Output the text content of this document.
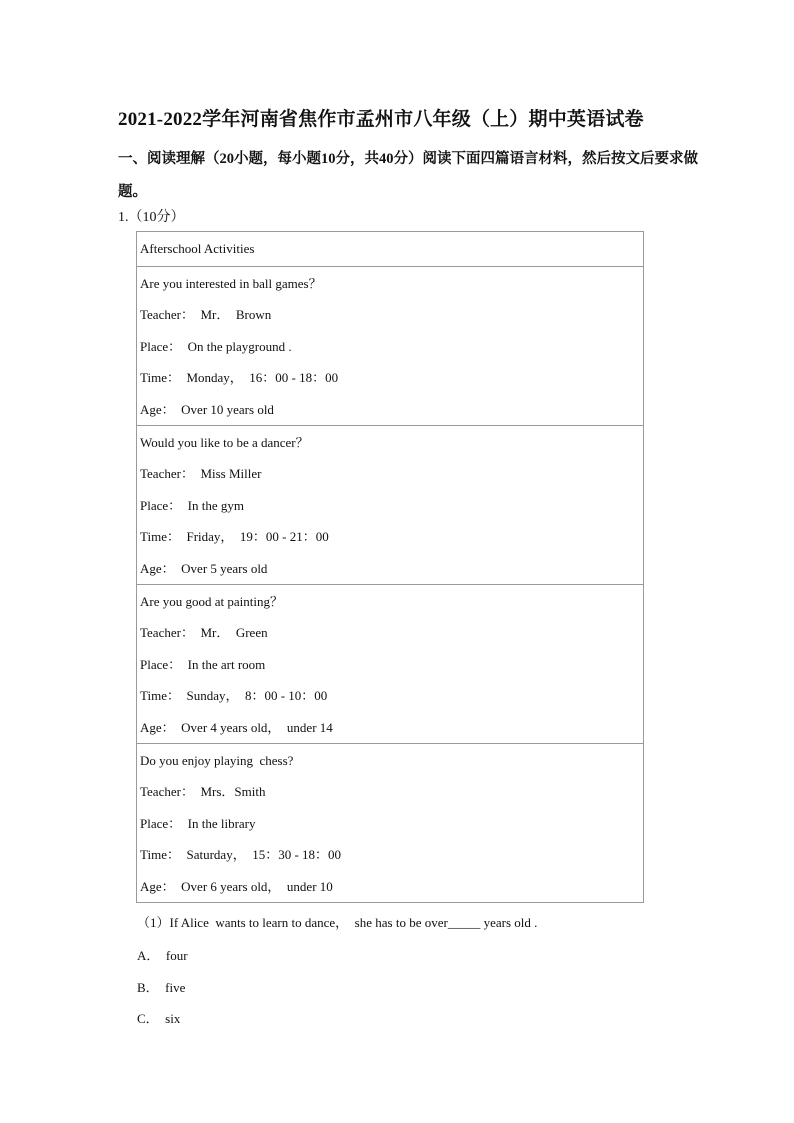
2021-2022学年河南省焦作市孟州市八年级（上）期中英语试卷
一、阅读理解（20小题，每小题10分，共40分）阅读下面四篇语言材料，然后按文后要求做题。
1.（10分）
Afterschool Activities

Are you interested in ball games？
Teacher：  Mr．  Brown
Place：  On the playground .
Time：  Monday，  16：00 - 18：00
Age：  Over 10 years old

Would you like to be a dancer？
Teacher：  Miss Miller
Place：  In the gym
Time：  Friday，  19：00 - 21：00
Age：  Over 5 years old

Are you good at painting？
Teacher：  Mr．  Green
Place：  In the art room
Time：  Sunday，  8：00 - 10：00
Age：  Over 4 years old，  under 14

Do you enjoy playing  chess?
Teacher：  Mrs．Smith
Place：  In the library
Time：  Saturday，  15：30 - 18：00
Age：  Over 6 years old，  under 10
（1）If Alice  wants to learn to dance，  she has to be over_____ years old .
A． four
B． five
C． six
